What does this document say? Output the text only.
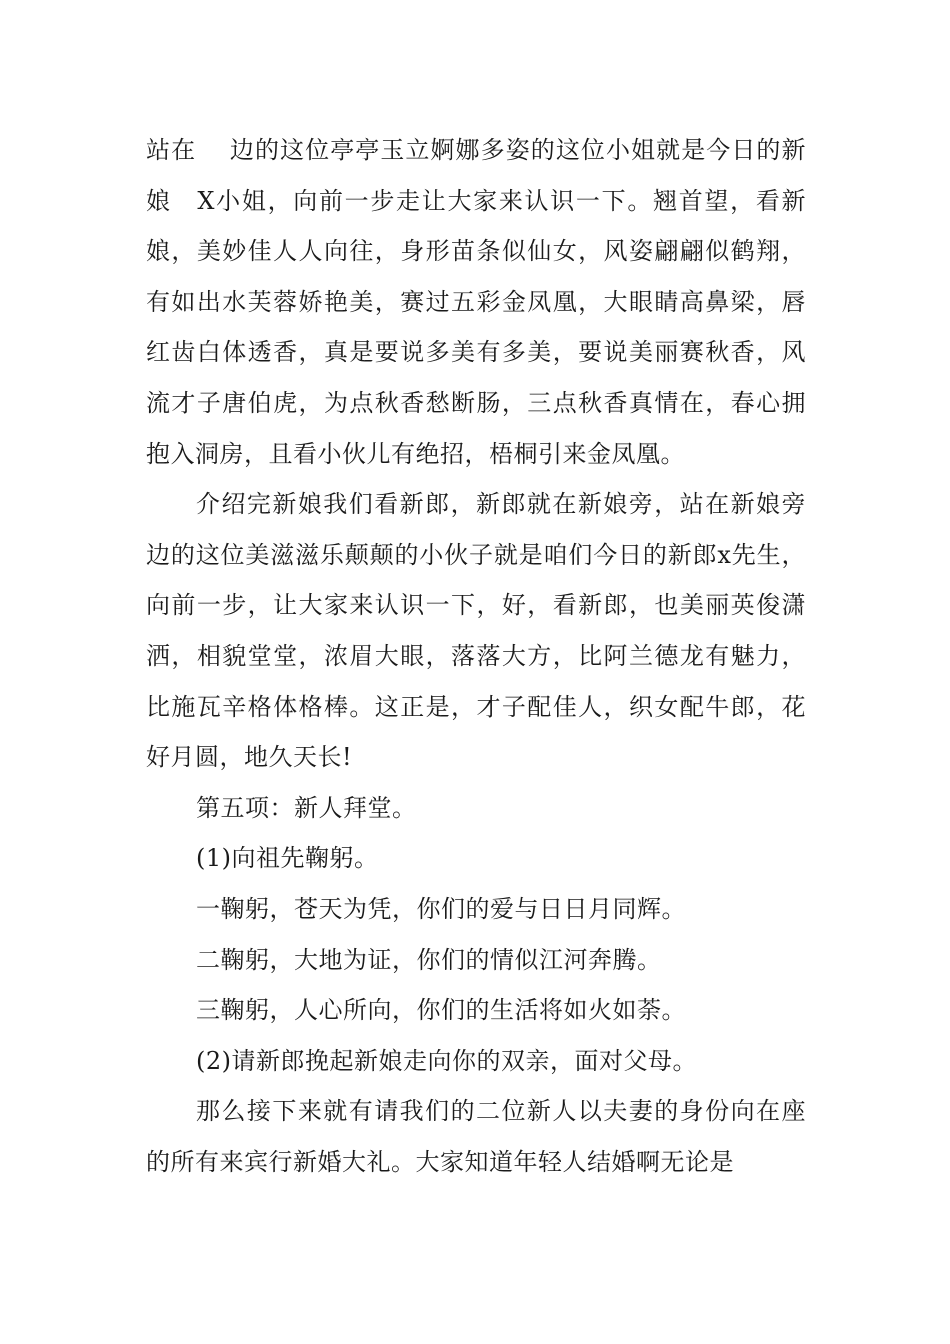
站在　 边的这位亭亭玉立婀娜多姿的这位小姐就是今日的新娘　X小姐，向前一步走让大家来认识一下。翘首望，看新娘，美妙佳人人向往，身形苗条似仙女，风姿翩翩似鹤翔，有如出水芙蓉娇艳美，赛过五彩金凤凰，大眼睛高鼻梁，唇红齿白体透香，真是要说多美有多美，要说美丽赛秋香，风流才子唐伯虎，为点秋香愁断肠，三点秋香真情在，春心拥抱入洞房，且看小伙儿有绝招，梧桐引来金凤凰。

介绍完新娘我们看新郎，新郎就在新娘旁，站在新娘旁边的这位美滋滋乐颠颠的小伙子就是咱们今日的新郎x先生，向前一步，让大家来认识一下，好，看新郎，也美丽英俊潇洒，相貌堂堂，浓眉大眼，落落大方，比阿兰德龙有魅力，比施瓦辛格体格棒。这正是，才子配佳人，织女配牛郎，花好月圆，地久天长!

第五项：新人拜堂。

(1)向祖先鞠躬。

一鞠躬，苍天为凭，你们的爱与日日月同辉。

二鞠躬，大地为证，你们的情似江河奔腾。

三鞠躬，人心所向，你们的生活将如火如荼。

(2)请新郎挽起新娘走向你的双亲，面对父母。

那么接下来就有请我们的二位新人以夫妻的身份向在座的所有来宾行新婚大礼。大家知道年轻人结婚啊无论是
